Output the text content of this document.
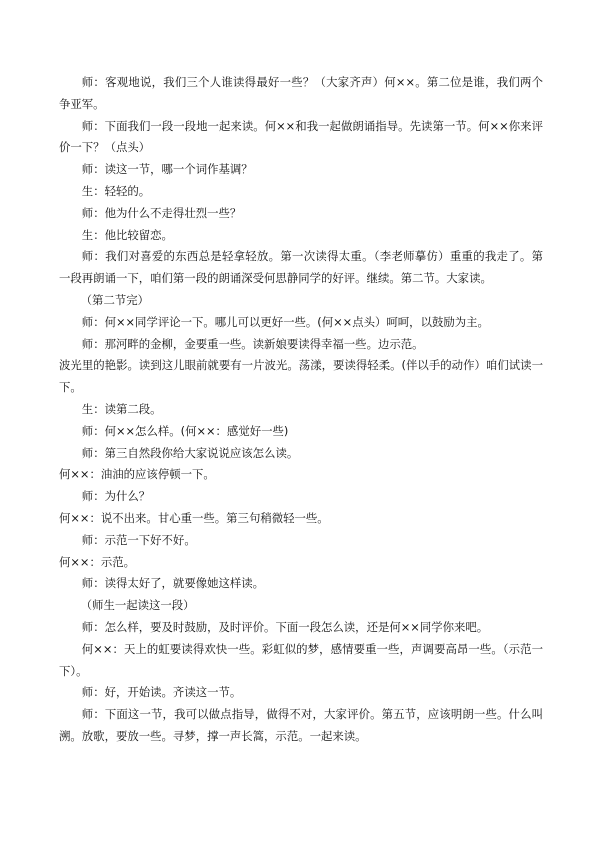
师：客观地说，我们三个人谁读得最好一些？（大家齐声）何××。第二位是谁，我们两个争亚军。

师：下面我们一段一段地一起来读。何××和我一起做朗诵指导。先读第一节。何××你来评价一下？（点头）

师：读这一节，哪一个词作基调？

生：轻轻的。

师：他为什么不走得壮烈一些？

生：他比较留恋。

师：我们对喜爱的东西总是轻拿轻放。第一次读得太重。（李老师摹仿）重重的我走了。第一段再朗诵一下，咱们第一段的朗诵深受何思静同学的好评。继续。第二节。大家读。

（第二节完）

师：何××同学评论一下。哪儿可以更好一些。(何××点头）呵呵，以鼓励为主。

师：那河畔的金柳，金要重一些。读新娘要读得幸福一些。边示范。

波光里的艳影。读到这儿眼前就要有一片波光。荡漾，要读得轻柔。(伴以手的动作）咱们试读一下。

生：读第二段。

师：何××怎么样。(何××：感觉好一些)

师：第三自然段你给大家说说应该怎么读。

何××：油油的应该停顿一下。

师：为什么？

何××：说不出来。甘心重一些。第三句稍微轻一些。

师：示范一下好不好。

何××：示范。

师：读得太好了，就要像她这样读。

（师生一起读这一段）

师：怎么样，要及时鼓励，及时评价。下面一段怎么读，还是何××同学你来吧。

何××：天上的虹要读得欢快一些。彩虹似的梦，感情要重一些，声调要高昂一些。（示范一下）。

师：好，开始读。齐读这一节。

师：下面这一节，我可以做点指导，做得不对，大家评价。第五节，应该明朗一些。什么叫溯。放歌，要放一些。寻梦，撑一声长篙，示范。一起来读。
